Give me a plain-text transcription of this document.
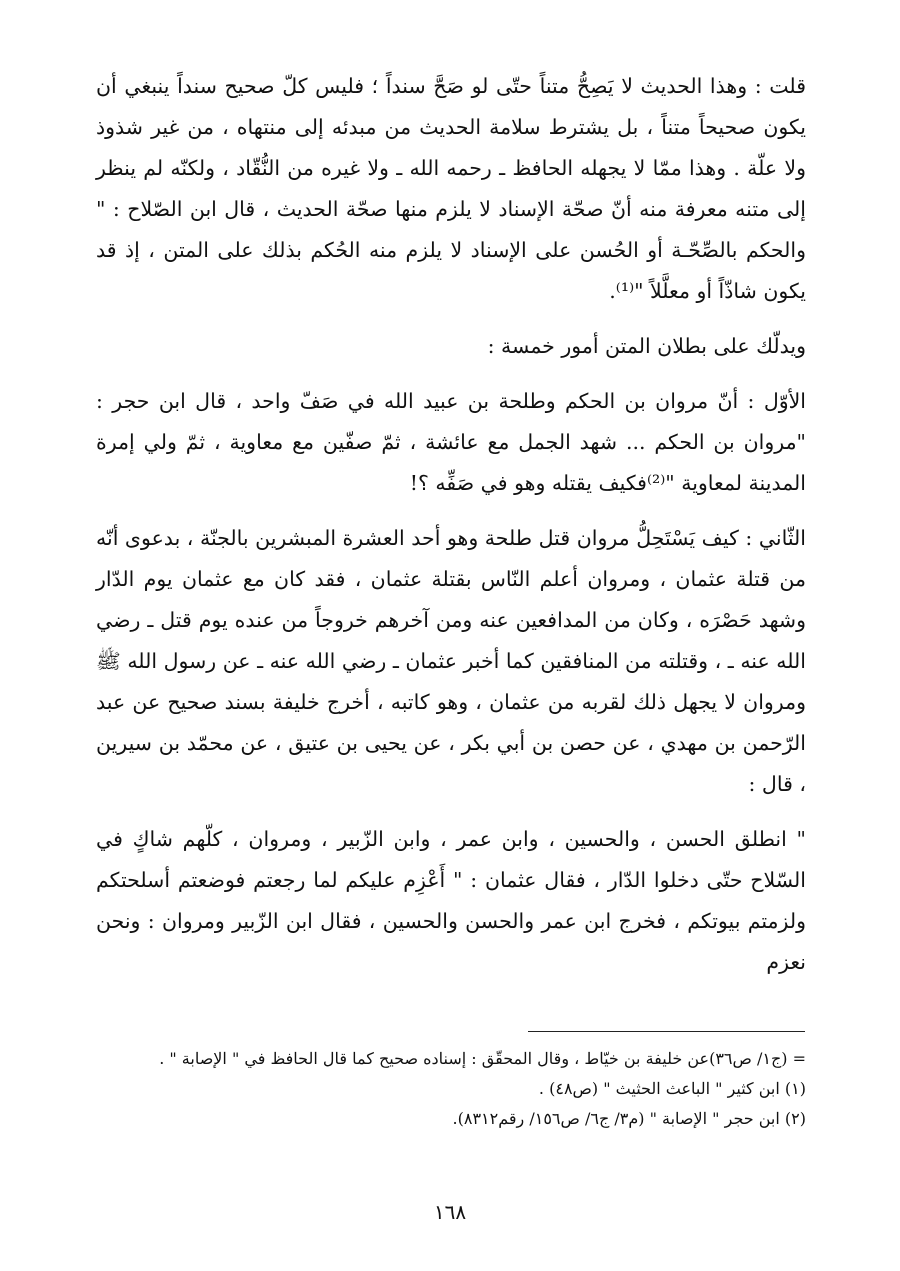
قلت : وهذا الحديث لا يَصِحُّ متناً حتّى لو صَحَّ سنداً ؛ فليس كلّ صحيح سنداً ينبغي أن يكون صحيحاً متناً ، بل يشترط سلامة الحديث من مبدئه إلى منتهاه ، من غير شذوذ ولا علّة . وهذا ممّا لا يجهله الحافظ ـ رحمه الله ـ ولا غيره من النُّقّاد ، ولكنّه لم ينظر إلى متنه معرفة منه أنّ صحّة الإسناد لا يلزم منها صحّة الحديث ، قال ابن الصّلاح : " والحكم بالصِّحّـة أو الحُسن على الإسناد لا يلزم منه الحُكم بذلك على المتن ، إذ قد يكون شاذّاً أو معلَّلاً "⁽¹⁾.

ويدلّك على بطلان المتن أمور خمسة :

الأوّل : أنّ مروان بن الحكم وطلحة بن عبيد الله في صَفّ واحد ، قال ابن حجر : "مروان بن الحكم ... شهد الجمل مع عائشة ، ثمّ صفّين مع معاوية ، ثمّ ولي إمرة المدينة لمعاوية "⁽²⁾فكيف يقتله وهو في صَفِّه ؟!

الثّاني : كيف يَسْتَحِلُّ مروان قتل طلحة وهو أحد العشرة المبشرين بالجنّة ، بدعوى أنّه من قتلة عثمان ، ومروان أعلم النّاس بقتلة عثمان ، فقد كان مع عثمان يوم الدّار وشهد حَصْرَه ، وكان من المدافعين عنه ومن آخرهم خروجاً من عنده يوم قتل ـ رضي الله عنه ـ ، وقتلته من المنافقين كما أخبر عثمان ـ رضي الله عنه ـ عن رسول الله ﷺ ومروان لا يجهل ذلك لقربه من عثمان ، وهو كاتبه ، أخرج خليفة بسند صحيح عن عبد الرّحمن بن مهدي ، عن حصن بن أبي بكر ، عن يحيى بن عتيق ، عن محمّد بن سيرين ، قال :

" انطلق الحسن ، والحسين ، وابن عمر ، وابن الزّبير ، ومروان ، كلّهم شاكٍ في السّلاح حتّى دخلوا الدّار ، فقال عثمان : " أَعْزِم عليكم لما رجعتم فوضعتم أسلحتكم ولزمتم بيوتكم ، فخرج ابن عمر والحسن والحسين ، فقال ابن الزّبير ومروان : ونحن نعزم

= (ج١/ ص٣٦)عن خليفة بن خيّاط ، وقال المحقّق : إسناده صحيح كما قال الحافظ في " الإصابة " .

(١) ابن كثير " الباعث الحثيث " (ص٤٨) .

(٢) ابن حجر " الإصابة " (م٣/ ج٦/ ص١٥٦/ رقم٨٣١٢).

١٦٨
